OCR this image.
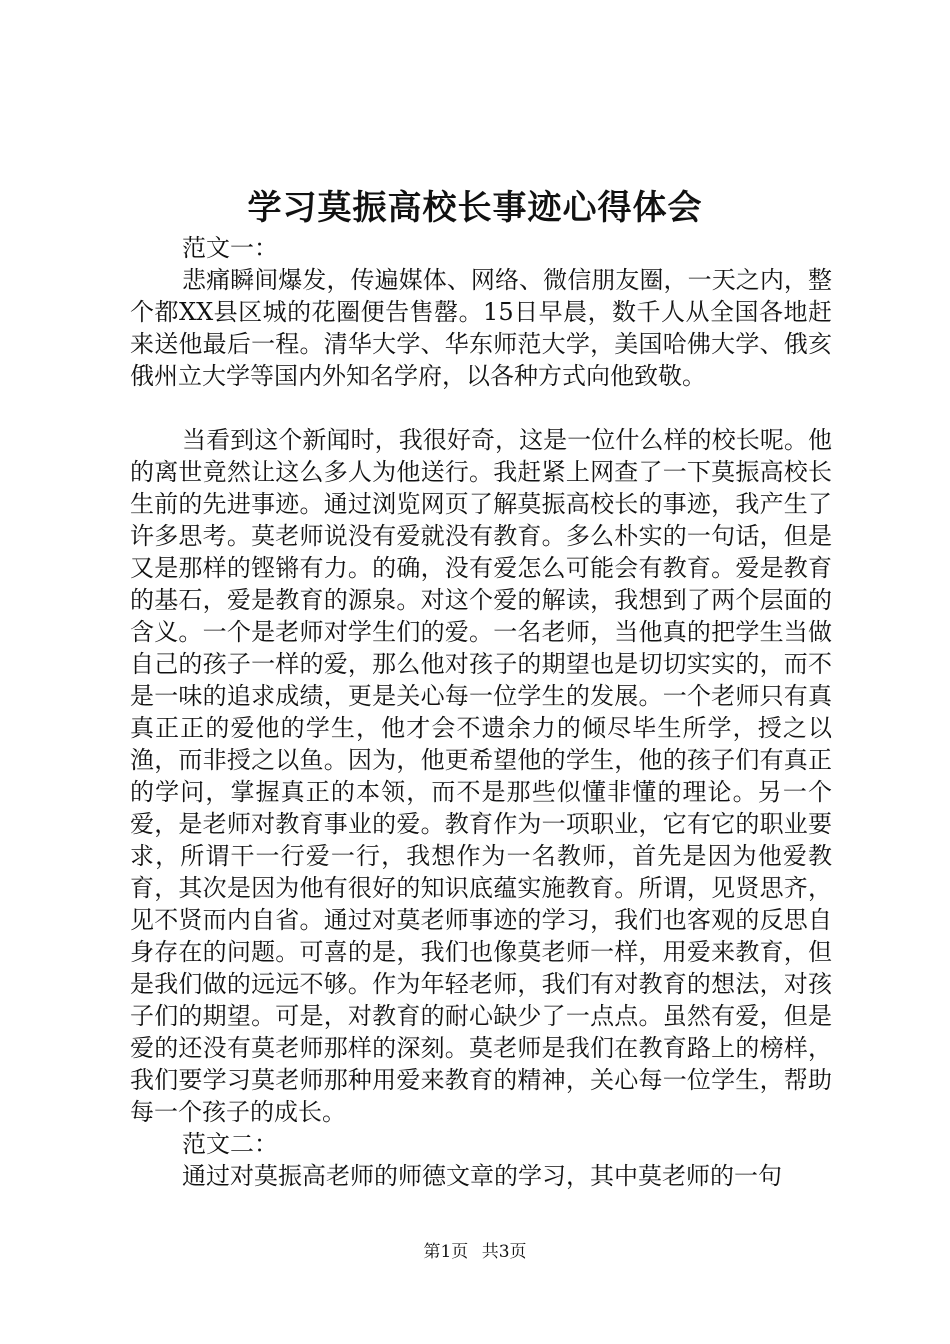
学习莫振高校长事迹心得体会

范文一：

悲痛瞬间爆发，传遍媒体、网络、微信朋友圈，一天之内，整个都XX县区城的花圈便告售罄。15日早晨，数千人从全国各地赶来送他最后一程。清华大学、华东师范大学，美国哈佛大学、俄亥俄州立大学等国内外知名学府，以各种方式向他致敬。

当看到这个新闻时，我很好奇，这是一位什么样的校长呢。他的离世竟然让这么多人为他送行。我赶紧上网查了一下莫振高校长生前的先进事迹。通过浏览网页了解莫振高校长的事迹，我产生了许多思考。莫老师说没有爱就没有教育。多么朴实的一句话，但是又是那样的铿锵有力。的确，没有爱怎么可能会有教育。爱是教育的基石，爱是教育的源泉。对这个爱的解读，我想到了两个层面的含义。一个是老师对学生们的爱。一名老师，当他真的把学生当做自己的孩子一样的爱，那么他对孩子的期望也是切切实实的，而不是一味的追求成绩，更是关心每一位学生的发展。一个老师只有真真正正的爱他的学生，他才会不遗余力的倾尽毕生所学，授之以渔，而非授之以鱼。因为，他更希望他的学生，他的孩子们有真正的学问，掌握真正的本领，而不是那些似懂非懂的理论。另一个爱，是老师对教育事业的爱。教育作为一项职业，它有它的职业要求，所谓干一行爱一行，我想作为一名教师，首先是因为他爱教育，其次是因为他有很好的知识底蕴实施教育。所谓，见贤思齐，见不贤而内自省。通过对莫老师事迹的学习，我们也客观的反思自身存在的问题。可喜的是，我们也像莫老师一样，用爱来教育，但是我们做的远远不够。作为年轻老师，我们有对教育的想法，对孩子们的期望。可是，对教育的耐心缺少了一点点。虽然有爱，但是爱的还没有莫老师那样的深刻。莫老师是我们在教育路上的榜样，我们要学习莫老师那种用爱来教育的精神，关心每一位学生，帮助每一个孩子的成长。

范文二：

通过对莫振高老师的师德文章的学习，其中莫老师的一句

第1页 共3页
